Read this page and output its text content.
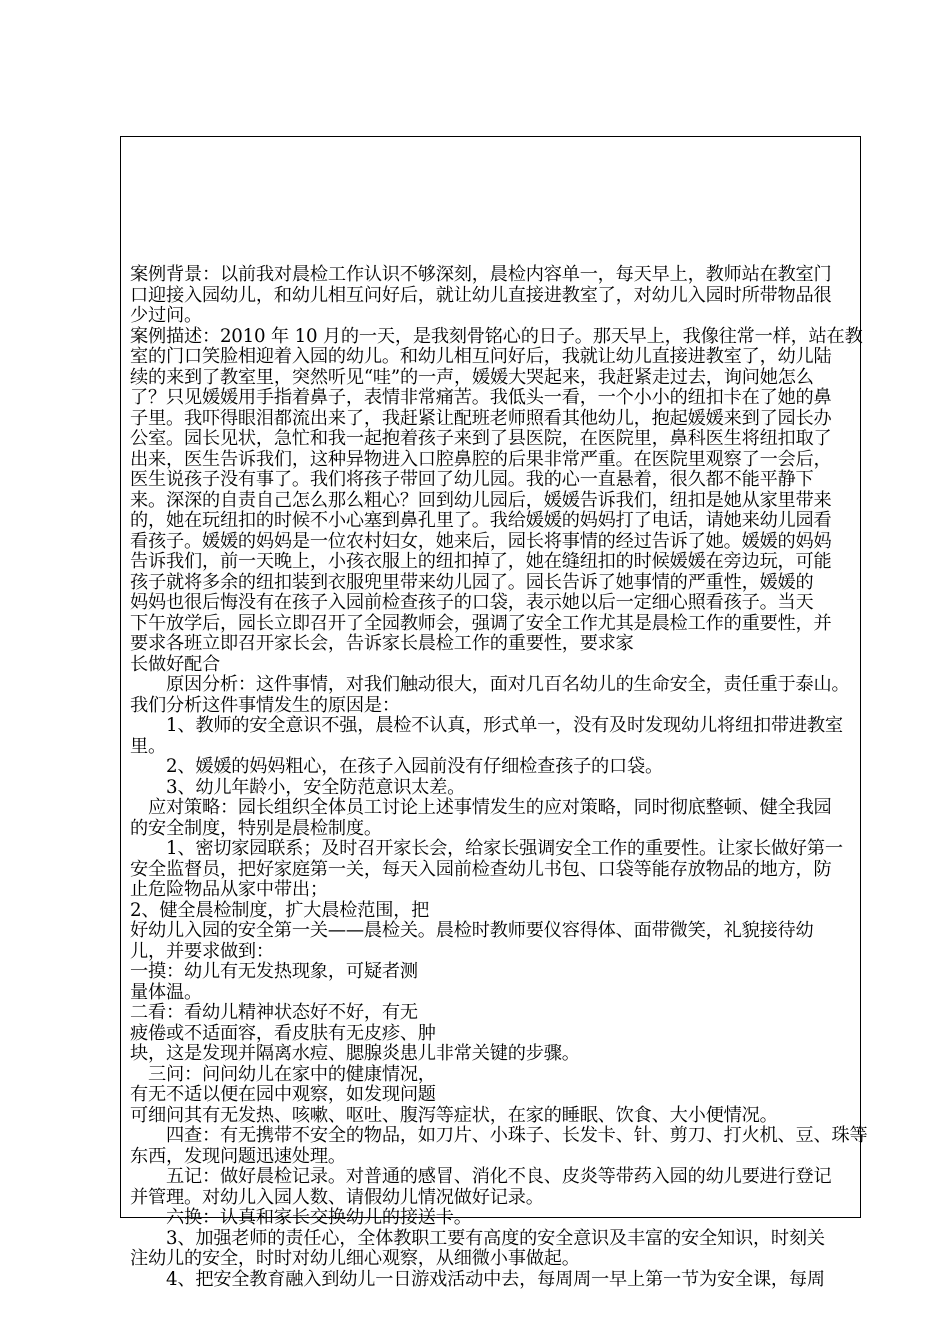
案例背景：以前我对晨检工作认识不够深刻，晨检内容单一，每天早上，教师站在教室门
口迎接入园幼儿，和幼儿相互问好后，就让幼儿直接进教室了，对幼儿入园时所带物品很
少过问。
案例描述：2010 年 10 月的一天，是我刻骨铭心的日子。那天早上，我像往常一样，站在教
室的门口笑脸相迎着入园的幼儿。和幼儿相互问好后，我就让幼儿直接进教室了，幼儿陆
续的来到了教室里，突然听见“哇”的一声，媛媛大哭起来，我赶紧走过去，询问她怎么
了？只见媛媛用手指着鼻子，表情非常痛苦。我低头一看，一个小小的纽扣卡在了她的鼻
子里。我吓得眼泪都流出来了，我赶紧让配班老师照看其他幼儿，抱起媛媛来到了园长办
公室。园长见状，急忙和我一起抱着孩子来到了县医院，在医院里，鼻科医生将纽扣取了
出来，医生告诉我们，这种异物进入口腔鼻腔的后果非常严重。在医院里观察了一会后，
医生说孩子没有事了。我们将孩子带回了幼儿园。我的心一直悬着，很久都不能平静下
来。深深的自责自己怎么那么粗心？回到幼儿园后，媛媛告诉我们，纽扣是她从家里带来
的，她在玩纽扣的时候不小心塞到鼻孔里了。我给媛媛的妈妈打了电话，请她来幼儿园看
看孩子。媛媛的妈妈是一位农村妇女，她来后，园长将事情的经过告诉了她。媛媛的妈妈
告诉我们，前一天晚上，小孩衣服上的纽扣掉了，她在缝纽扣的时候媛媛在旁边玩，可能
孩子就将多余的纽扣装到衣服兜里带来幼儿园了。园长告诉了她事情的严重性，媛媛的
妈妈也很后悔没有在孩子入园前检查孩子的口袋，表示她以后一定细心照看孩子。当天
下午放学后，园长立即召开了全园教师会，强调了安全工作尤其是晨检工作的重要性，并
要求各班立即召开家长会，告诉家长晨检工作的重要性，要求家
长做好配合
　　原因分析：这件事情，对我们触动很大，面对几百名幼儿的生命安全，责任重于泰山。
我们分析这件事情发生的原因是：
　　1、教师的安全意识不强，晨检不认真，形式单一，没有及时发现幼儿将纽扣带进教室
里。
　　2、媛媛的妈妈粗心，在孩子入园前没有仔细检查孩子的口袋。
　　3、幼儿年龄小，安全防范意识太差。
　应对策略：园长组织全体员工讨论上述事情发生的应对策略，同时彻底整顿、健全我园
的安全制度，特别是晨检制度。
　　1、密切家园联系；及时召开家长会，给家长强调安全工作的重要性。让家长做好第一
安全监督员，把好家庭第一关，每天入园前检查幼儿书包、口袋等能存放物品的地方，防
止危险物品从家中带出；
2、健全晨检制度，扩大晨检范围，把
好幼儿入园的安全第一关——晨检关。晨检时教师要仪容得体、面带微笑，礼貌接待幼
儿，并要求做到：
一摸：幼儿有无发热现象，可疑者测
量体温。
二看：看幼儿精神状态好不好，有无
疲倦或不适面容，看皮肤有无皮疹、肿
块，这是发现并隔离水痘、腮腺炎患儿非常关键的步骤。
　三问：问问幼儿在家中的健康情况，
有无不适以便在园中观察，如发现问题
可细问其有无发热、咳嗽、呕吐、腹泻等症状，在家的睡眠、饮食、大小便情况。
　　四查：有无携带不安全的物品，如刀片、小珠子、长发卡、针、剪刀、打火机、豆、珠等
东西，发现问题迅速处理。
　　五记：做好晨检记录。对普通的感冒、消化不良、皮炎等带药入园的幼儿要进行登记
并管理。对幼儿入园人数、请假幼儿情况做好记录。
　　六换：认真和家长交换幼儿的接送卡。
　　3、加强老师的责任心，全体教职工要有高度的安全意识及丰富的安全知识，时刻关
注幼儿的安全，时时对幼儿细心观察，从细微小事做起。
　　4、把安全教育融入到幼儿一日游戏活动中去，每周周一早上第一节为安全课，每周
